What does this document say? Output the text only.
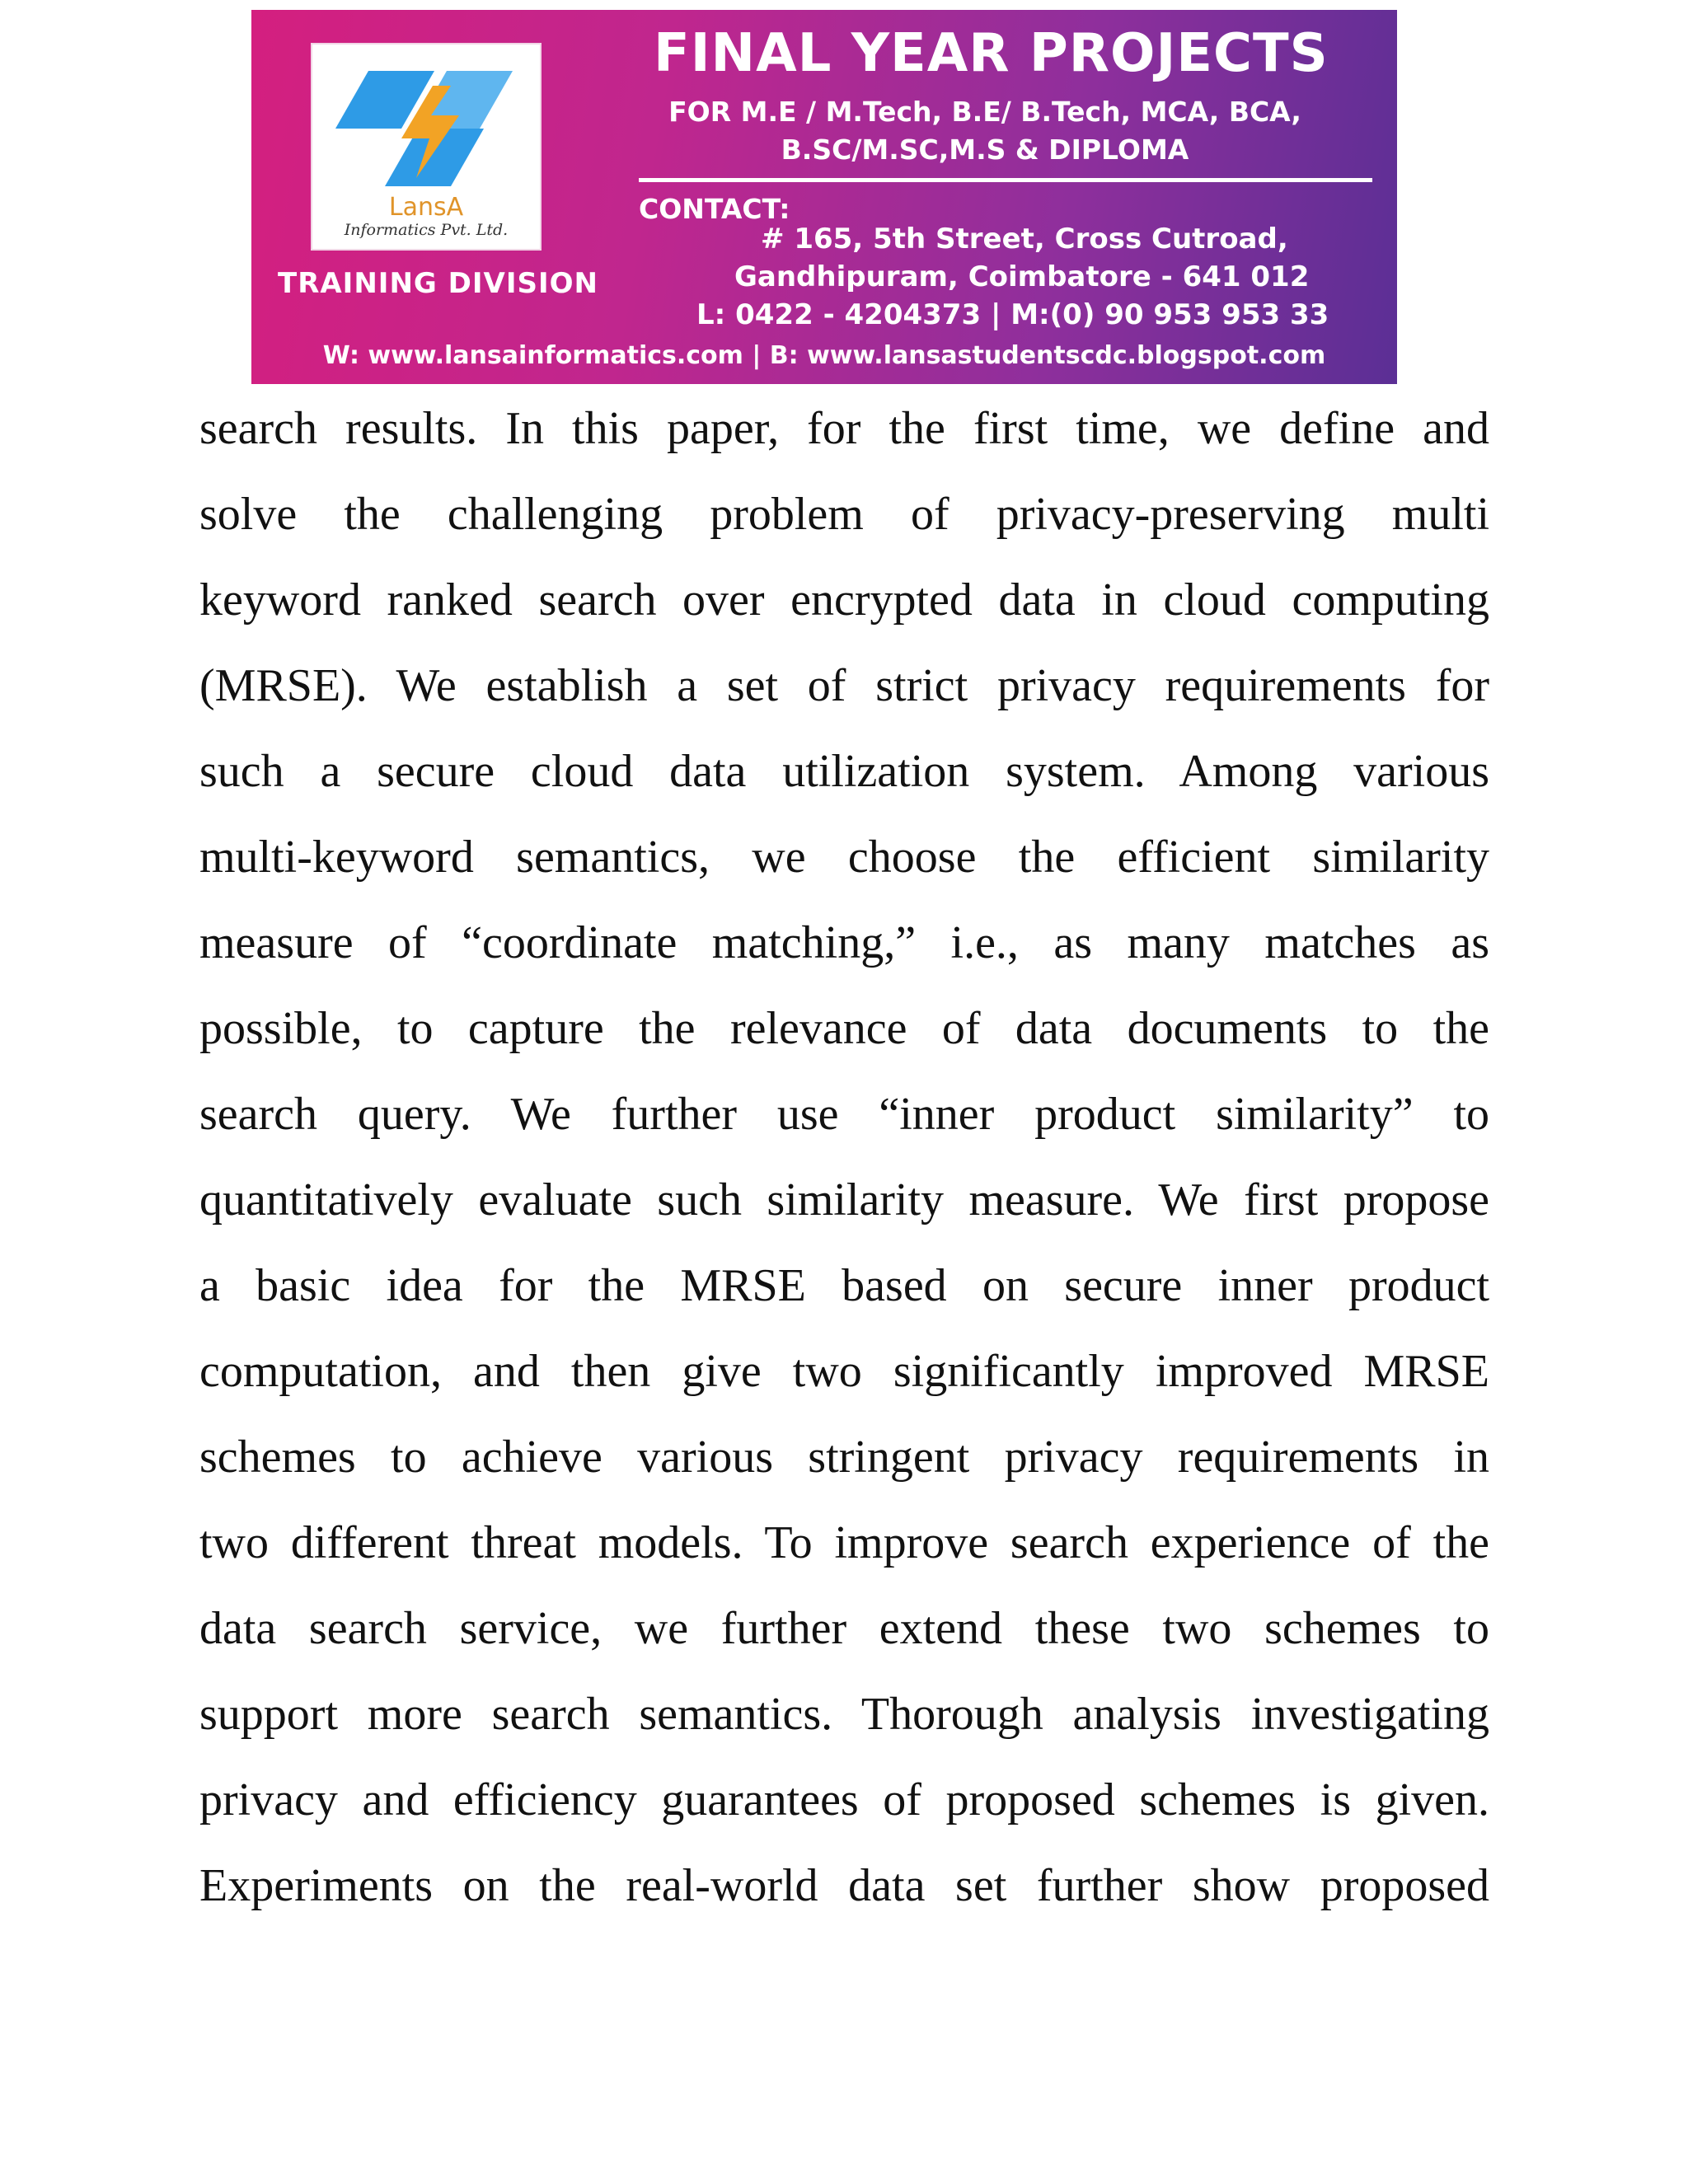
LansA
Informatics Pvt. Ltd.
TRAINING DIVISION
FINAL YEAR PROJECTS
FOR M.E / M.Tech, B.E/ B.Tech, MCA, BCA,
B.SC/M.SC,M.S & DIPLOMA
CONTACT:
# 165, 5th Street, Cross Cutroad,
Gandhipuram, Coimbatore - 641 012
L: 0422 - 4204373 | M:(0) 90 953 953 33
W: www.lansainformatics.com | B: www.lansastudentscdc.blogspot.com
search results. In this paper, for the first time, we define and
solve the challenging problem of privacy-preserving multi
keyword ranked search over encrypted data in cloud computing
(MRSE). We establish a set of strict privacy requirements for
such a secure cloud data utilization system. Among various
multi-keyword semantics, we choose the efficient similarity
measure of “coordinate matching,” i.e., as many matches as
possible, to capture the relevance of data documents to the
search query. We further use “inner product similarity” to
quantitatively evaluate such similarity measure. We first propose
a basic idea for the MRSE based on secure inner product
computation, and then give two significantly improved MRSE
schemes to achieve various stringent privacy requirements in
two different threat models. To improve search experience of the
data search service, we further extend these two schemes to
support more search semantics. Thorough analysis investigating
privacy and efficiency guarantees of proposed schemes is given.
Experiments on the real-world data set further show proposed
